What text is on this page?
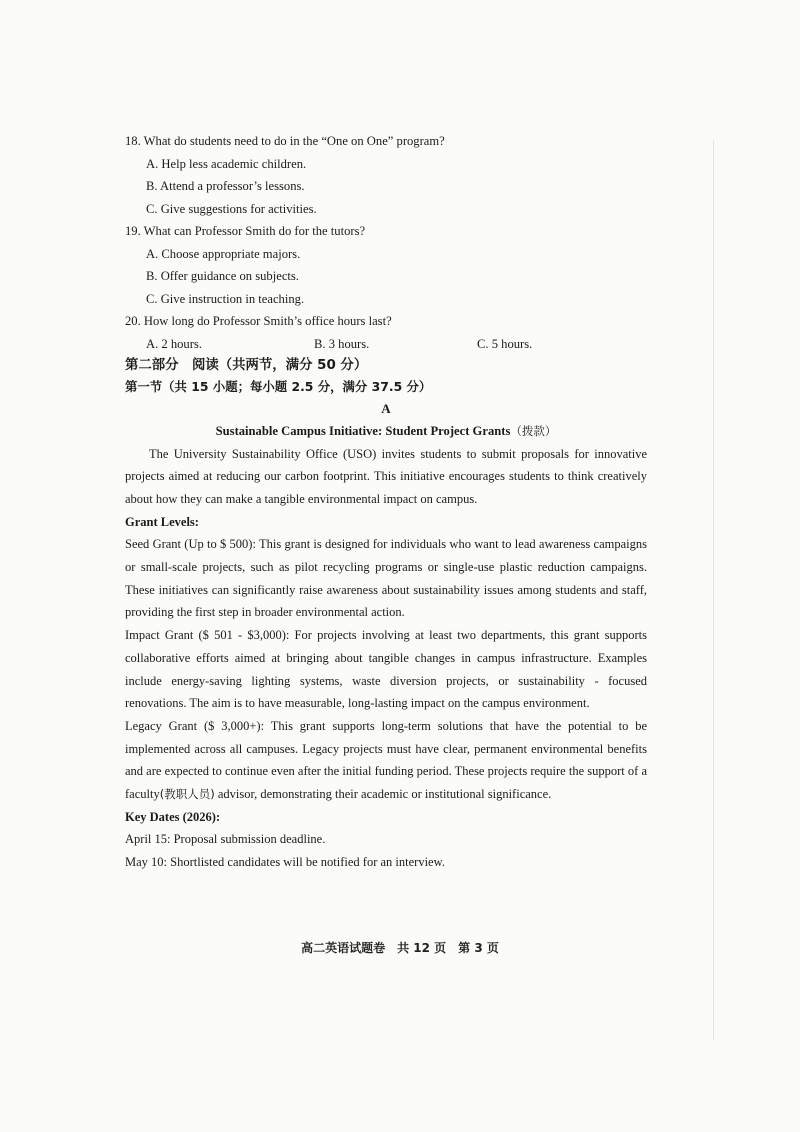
18. What do students need to do in the “One on One” program?

A. Help less academic children.

B. Attend a professor’s lessons.

C. Give suggestions for activities.

19. What can Professor Smith do for the tutors?

A. Choose appropriate majors.

B. Offer guidance on subjects.

C. Give instruction in teaching.

20. How long do Professor Smith’s office hours last?

A. 2 hours.	B. 3 hours.	C. 5 hours.

第二部分　阅读（共两节，满分 50 分）

第一节（共 15 小题；每小题 2.5 分，满分 37.5 分）

A

Sustainable Campus Initiative: Student Project Grants（拨款）

The University Sustainability Office (USO) invites students to submit proposals for innovative projects aimed at reducing our carbon footprint. This initiative encourages students to think creatively about how they can make a tangible environmental impact on campus.

Grant Levels:

Seed Grant (Up to $ 500): This grant is designed for individuals who want to lead awareness campaigns or small-scale projects, such as pilot recycling programs or single-use plastic reduction campaigns. These initiatives can significantly raise awareness about sustainability issues among students and staff, providing the first step in broader environmental action.

Impact Grant ($ 501 - $3,000): For projects involving at least two departments, this grant supports collaborative efforts aimed at bringing about tangible changes in campus infrastructure. Examples include energy-saving lighting systems, waste diversion projects, or sustainability - focused renovations. The aim is to have measurable, long-lasting impact on the campus environment.

Legacy Grant ($ 3,000+): This grant supports long-term solutions that have the potential to be implemented across all campuses. Legacy projects must have clear, permanent environmental benefits and are expected to continue even after the initial funding period. These projects require the support of a faculty(教职人员) advisor, demonstrating their academic or institutional significance.

Key Dates (2026):

April 15: Proposal submission deadline.

May 10: Shortlisted candidates will be notified for an interview.

高二英语试题卷　共 12 页　第 3 页
